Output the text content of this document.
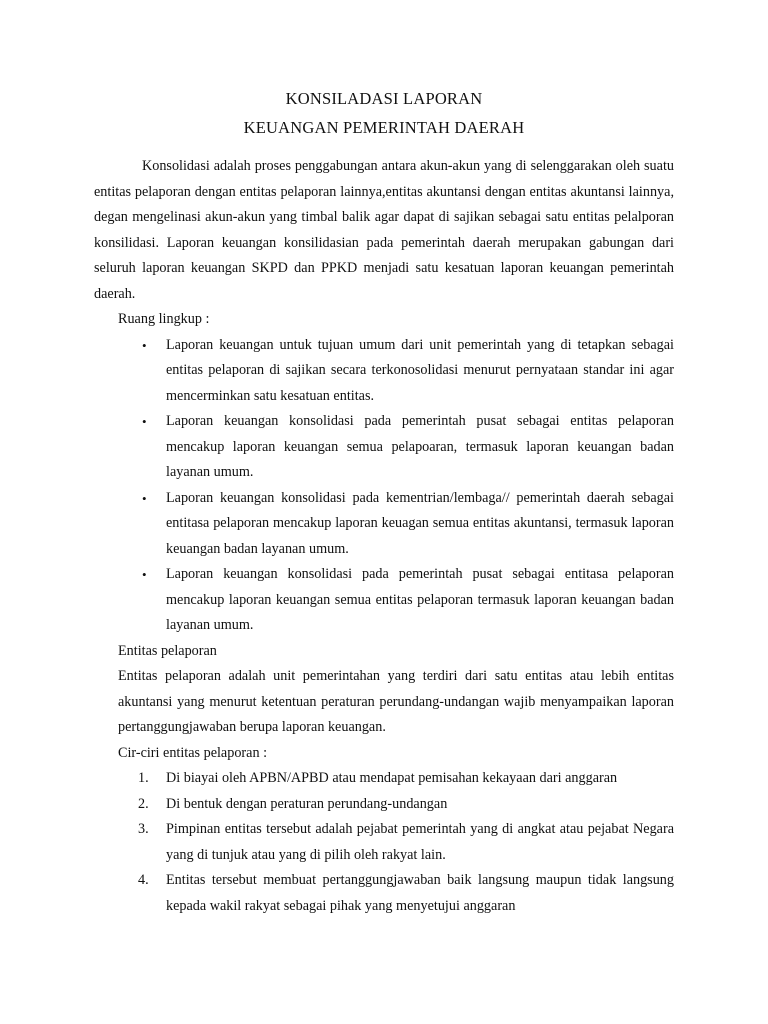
KONSILADASI LAPORAN
KEUANGAN PEMERINTAH DAERAH

Konsolidasi adalah proses penggabungan antara akun-akun yang di selenggarakan oleh suatu entitas pelaporan dengan entitas pelaporan lainnya,entitas akuntansi dengan entitas akuntansi lainnya, degan mengelinasi akun-akun yang timbal balik agar dapat di sajikan sebagai satu entitas pelalporan konsilidasi. Laporan keuangan konsilidasian pada pemerintah daerah merupakan gabungan dari seluruh laporan keuangan SKPD dan PPKD menjadi satu kesatuan laporan keuangan pemerintah daerah.

Ruang lingkup :

• Laporan keuangan untuk tujuan umum dari unit pemerintah yang di tetapkan sebagai entitas pelaporan di sajikan secara terkonosolidasi menurut pernyataan standar ini agar mencerminkan satu kesatuan entitas.
• Laporan keuangan konsolidasi pada pemerintah pusat sebagai entitas pelaporan mencakup laporan keuangan semua pelapoaran, termasuk laporan keuangan badan layanan umum.
• Laporan keuangan konsolidasi pada kementrian/lembaga// pemerintah daerah sebagai entitasa pelaporan mencakup laporan keuagan semua entitas akuntansi, termasuk laporan keuangan badan layanan umum.
• Laporan keuangan konsolidasi pada pemerintah pusat sebagai entitasa pelaporan mencakup laporan keuangan semua entitas pelaporan termasuk laporan keuangan badan layanan umum.

Entitas pelaporan

Entitas pelaporan adalah unit pemerintahan yang terdiri dari satu entitas atau lebih entitas akuntansi yang menurut ketentuan peraturan perundang-undangan wajib menyampaikan laporan pertanggungjawaban berupa laporan keuangan.

Cir-ciri entitas pelaporan :

1. Di biayai oleh APBN/APBD atau mendapat pemisahan kekayaan dari anggaran
2. Di bentuk dengan peraturan perundang-undangan
3. Pimpinan entitas tersebut adalah pejabat pemerintah yang di angkat atau pejabat Negara yang di tunjuk atau yang di pilih oleh rakyat lain.
4. Entitas tersebut membuat pertanggungjawaban baik langsung maupun tidak langsung kepada wakil rakyat sebagai pihak yang menyetujui anggaran
